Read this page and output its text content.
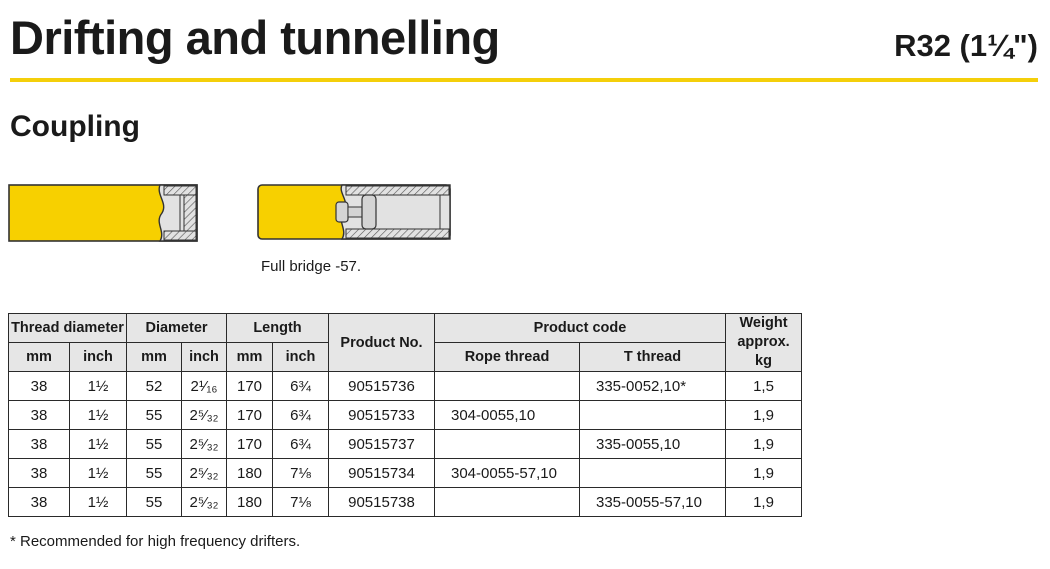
Drifting and tunnelling	R32 (1¼")
Coupling
Full bridge -57.
Thread diameter		Diameter		Length		Product No.	Product code		Weight approx. kg
mm	inch	mm	inch	mm	inch		Rope thread	T thread	
38	1½	52	2¹⁄₁₆	170	6¾	90515736		335-0052,10*	1,5
38	1½	55	2⁵⁄₃₂	170	6¾	90515733	304-0055,10		1,9
38	1½	55	2⁵⁄₃₂	170	6¾	90515737		335-0055,10	1,9
38	1½	55	2⁵⁄₃₂	180	7⅛	90515734	304-0055-57,10		1,9
38	1½	55	2⁵⁄₃₂	180	7⅛	90515738		335-0055-57,10	1,9
* Recommended for high frequency drifters.
